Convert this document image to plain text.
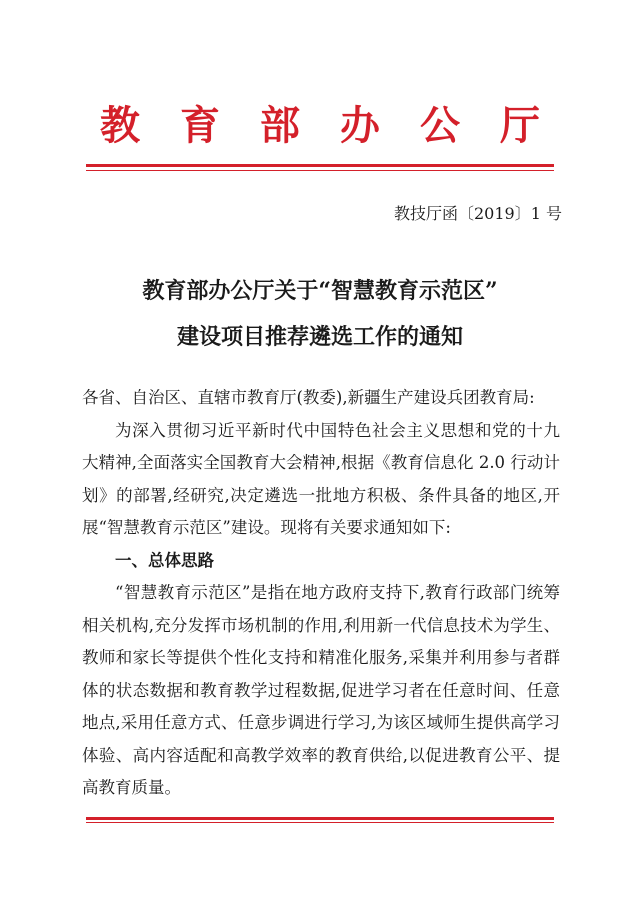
教育部办公厅
教技厅函〔2019〕1 号
教育部办公厅关于“智慧教育示范区”
建设项目推荐遴选工作的通知

各省、自治区、直辖市教育厅(教委),新疆生产建设兵团教育局:

为深入贯彻习近平新时代中国特色社会主义思想和党的十九大精神,全面落实全国教育大会精神,根据《教育信息化 2.0 行动计划》的部署,经研究,决定遴选一批地方积极、条件具备的地区,开展“智慧教育示范区”建设。现将有关要求通知如下:

一、总体思路

“智慧教育示范区”是指在地方政府支持下,教育行政部门统筹相关机构,充分发挥市场机制的作用,利用新一代信息技术为学生、教师和家长等提供个性化支持和精准化服务,采集并利用参与者群体的状态数据和教育教学过程数据,促进学习者在任意时间、任意地点,采用任意方式、任意步调进行学习,为该区域师生提供高学习体验、高内容适配和高教学效率的教育供给,以促进教育公平、提高教育质量。
